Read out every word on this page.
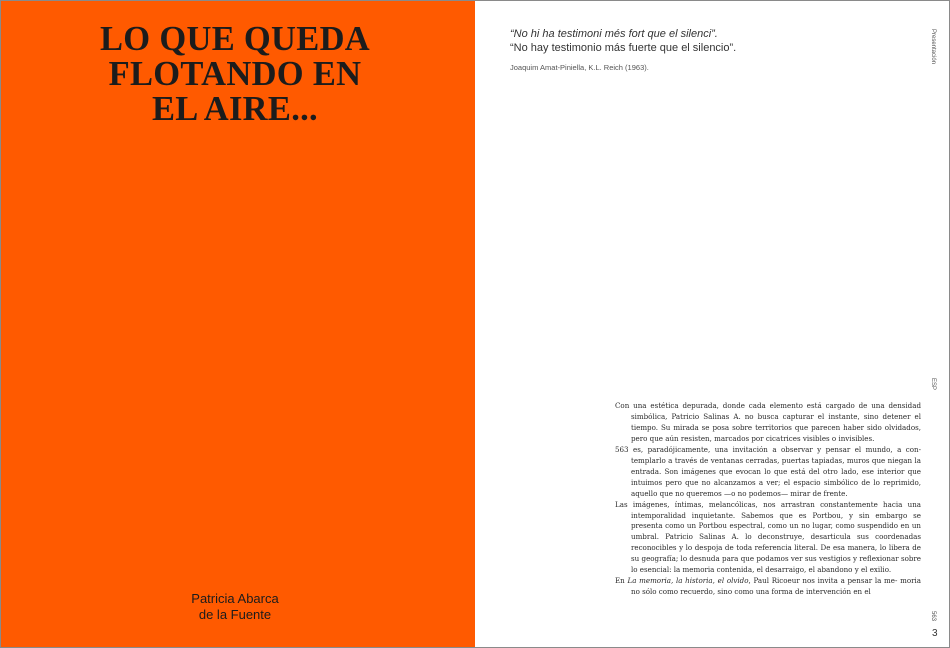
LO QUE QUEDA
FLOTANDO EN
EL AIRE...
Patricia Abarca
de la Fuente
“No hi ha testimoni més fort que el silenci”.
“No hay testimonio más fuerte que el silencio”.
Joaquim Amat-Piniella, K.L. Reich (1963).
Presentación
ESP
563
3

Con una estética depurada, donde cada elemento está cargado de una densidad simbólica, Patricio Salinas A. no busca capturar el instante, sino detener el tiempo. Su mirada se posa sobre territorios que parecen haber sido olvidados, pero que aún resisten, marcados por cicatrices visibles o invisibles.

563 es, paradójicamente, una invitación a observar y pensar el mundo, a con- templarlo a través de ventanas cerradas, puertas tapiadas, muros que niegan la entrada. Son imágenes que evocan lo que está del otro lado, ese interior que intuimos pero que no alcanzamos a ver; el espacio simbólico de lo reprimido, aquello que no queremos —o no podemos— mirar de frente.

Las imágenes, íntimas, melancólicas, nos arrastran constantemente hacia una intemporalidad inquietante. Sabemos que es Portbou, y sin embargo se presenta como un Portbou espectral, como un no lugar, como suspendido en un umbral. Patricio Salinas A. lo deconstruye, desarticula sus coordenadas reconocibles y lo despoja de toda referencia literal. De esa manera, lo libera de su geografía; lo desnuda para que podamos ver sus vestigios y reflexionar sobre lo esencial: la memoria contenida, el desarraigo, el abandono y el exilio.

En La memoria, la historia, el olvido, Paul Ricoeur nos invita a pensar la me- moria no sólo como recuerdo, sino como una forma de intervención en el
